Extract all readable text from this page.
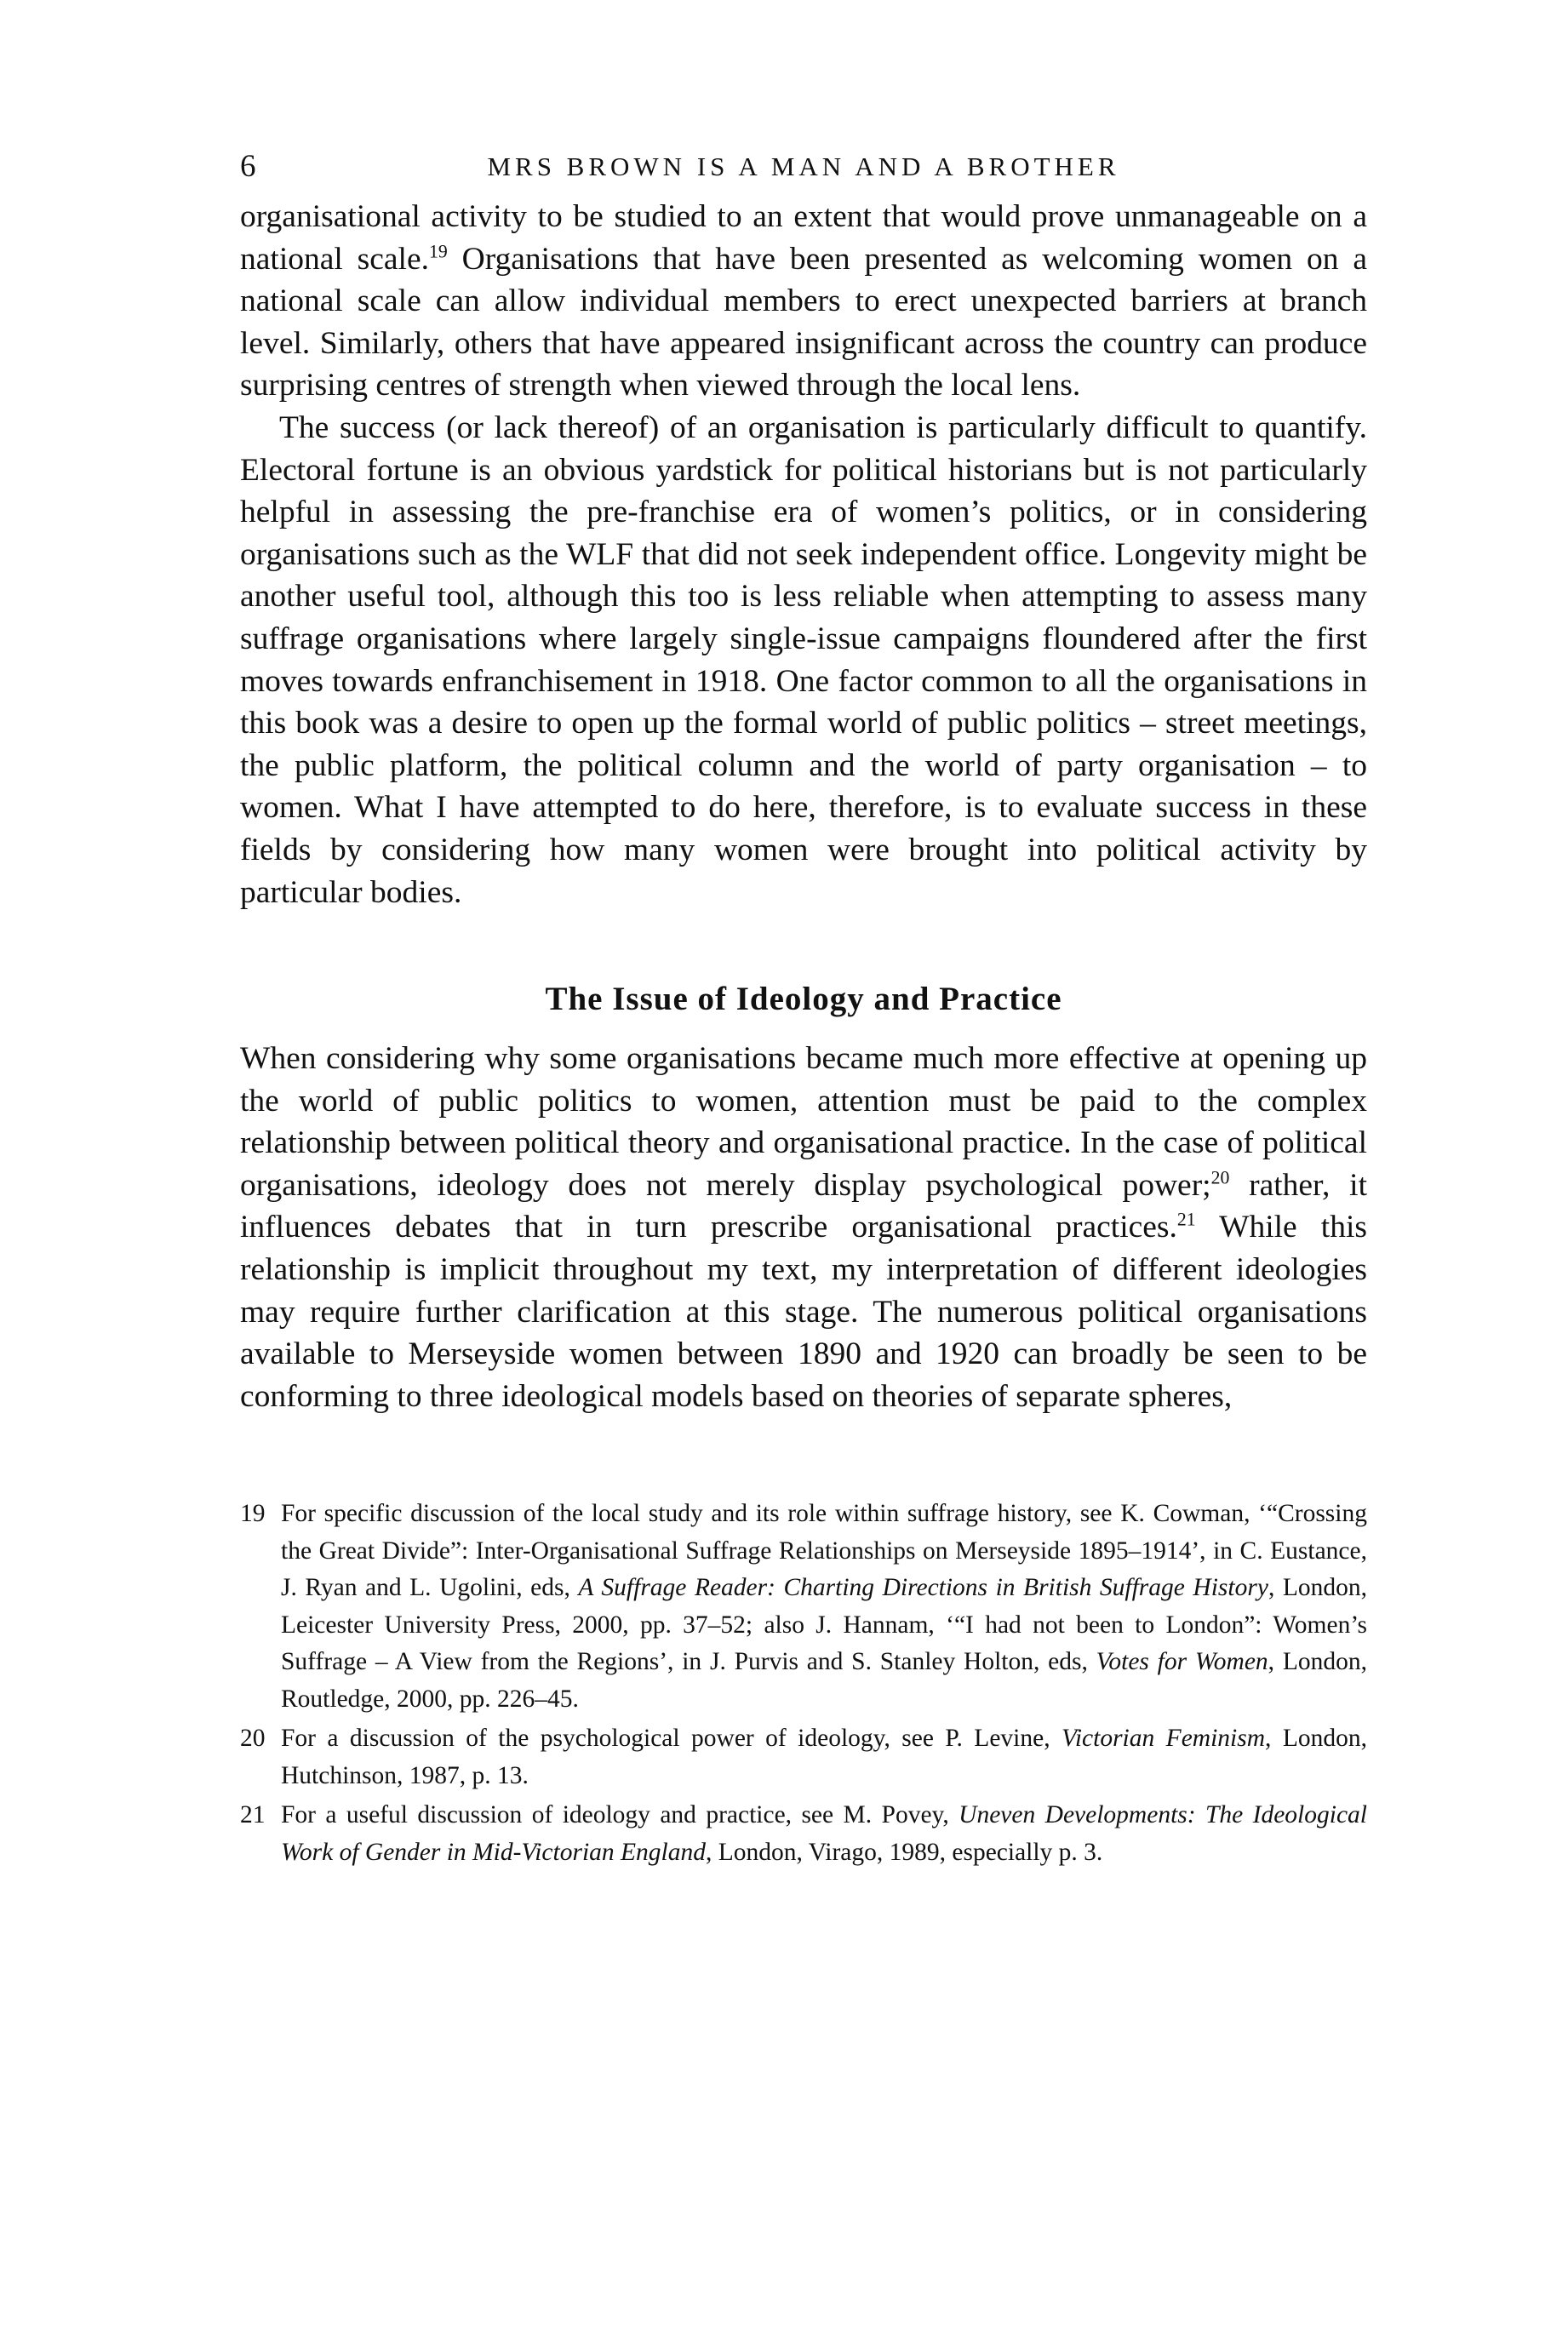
6	MRS BROWN IS A MAN AND A BROTHER

organisational activity to be studied to an extent that would prove unmanageable on a national scale.$^{19}$ Organisations that have been presented as welcoming women on a national scale can allow individual members to erect unexpected barriers at branch level. Similarly, others that have appeared insignificant across the country can produce surprising centres of strength when viewed through the local lens.

The success (or lack thereof) of an organisation is particularly difficult to quantify. Electoral fortune is an obvious yardstick for political historians but is not particularly helpful in assessing the pre-franchise era of women’s politics, or in considering organisations such as the WLF that did not seek independent office. Longevity might be another useful tool, although this too is less reliable when attempting to assess many suffrage organisations where largely single-issue campaigns floundered after the first moves towards enfranchisement in 1918. One factor common to all the organisations in this book was a desire to open up the formal world of public politics – street meetings, the public platform, the political column and the world of party organisation – to women. What I have attempted to do here, therefore, is to evaluate success in these fields by considering how many women were brought into political activity by particular bodies.

The Issue of Ideology and Practice

When considering why some organisations became much more effective at opening up the world of public politics to women, attention must be paid to the complex relationship between political theory and organisational practice. In the case of political organisations, ideology does not merely display psychological power;$^{20}$ rather, it influences debates that in turn prescribe organisational practices.$^{21}$ While this relationship is implicit throughout my text, my interpretation of different ideologies may require further clarification at this stage. The numerous political organisations available to Merseyside women between 1890 and 1920 can broadly be seen to be conforming to three ideological models based on theories of separate spheres,

19 For specific discussion of the local study and its role within suffrage history, see K. Cowman, ‘“Crossing the Great Divide”: Inter-Organisational Suffrage Relationships on Merseyside 1895–1914’, in C. Eustance, J. Ryan and L. Ugolini, eds, A Suffrage Reader: Charting Directions in British Suffrage History, London, Leicester University Press, 2000, pp. 37–52; also J. Hannam, ‘“I had not been to London”: Women’s Suffrage – A View from the Regions’, in J. Purvis and S. Stanley Holton, eds, Votes for Women, London, Routledge, 2000, pp. 226–45.
20 For a discussion of the psychological power of ideology, see P. Levine, Victorian Feminism, London, Hutchinson, 1987, p. 13.
21 For a useful discussion of ideology and practice, see M. Povey, Uneven Developments: The Ideological Work of Gender in Mid-Victorian England, London, Virago, 1989, especially p. 3.
